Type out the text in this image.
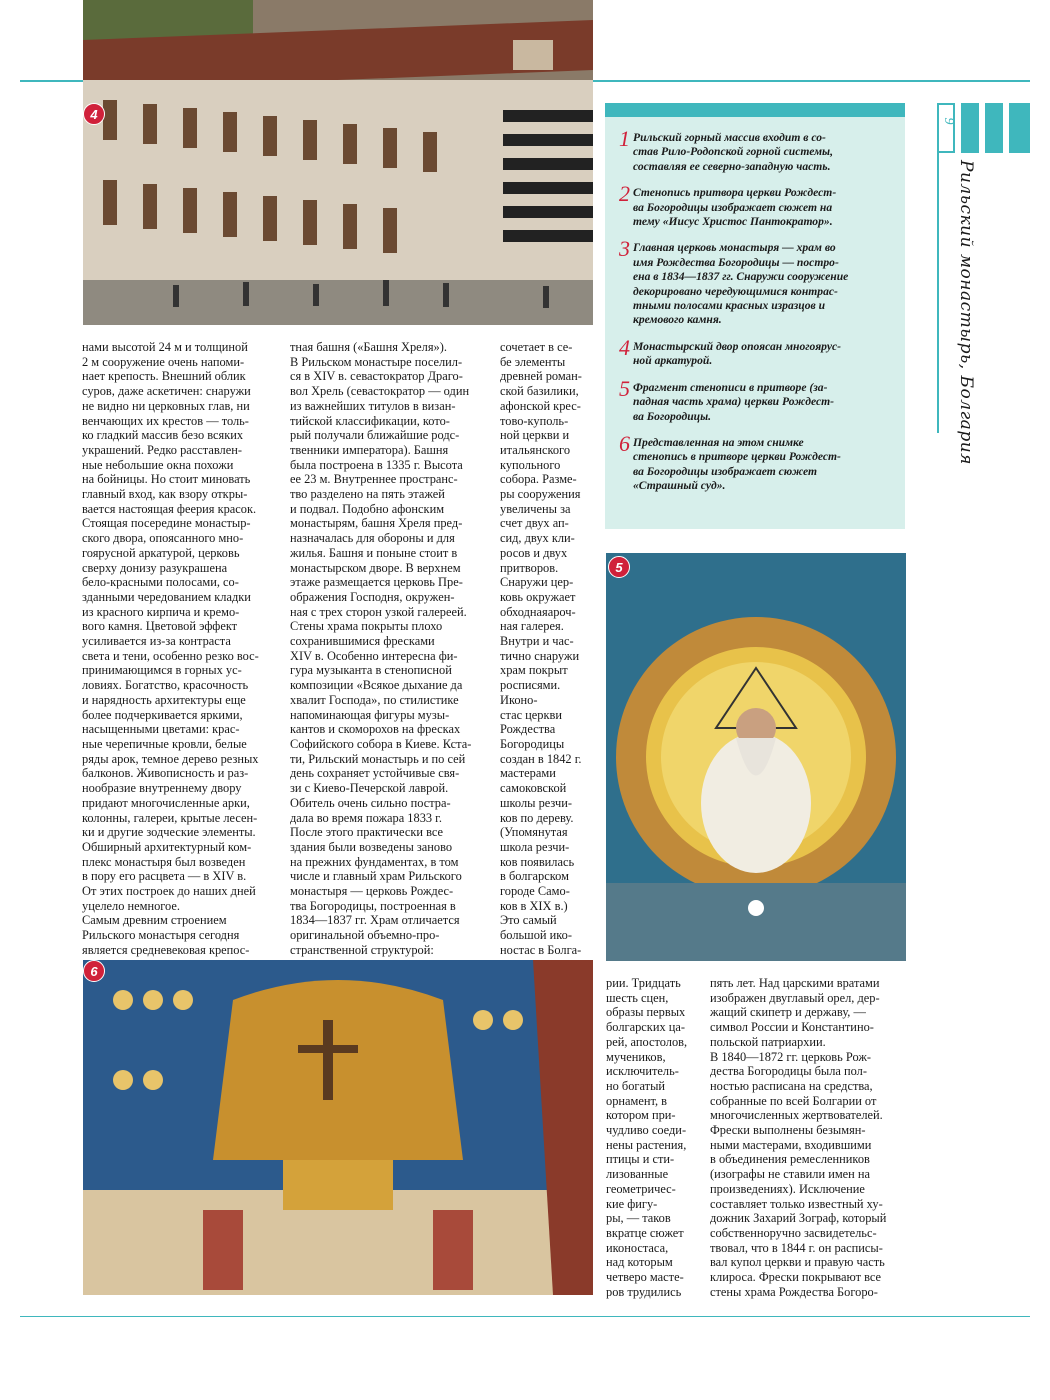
4
5
6

нами высотой 24 м и толщиной
2 м сооружение очень напоми-
нает крепость. Внешний облик
суров, даже аскетичен: снаружи
не видно ни церковных глав, ни
венчающих их крестов — толь-
ко гладкий массив безо всяких
украшений. Редко расставлен-
ные небольшие окна похожи
на бойницы. Но стоит миновать
главный вход, как взору откры-
вается настоящая феерия красок.
Стоящая посередине монастыр-
ского двора, опоясанного мно-
гоярусной аркатурой, церковь
сверху донизу разукрашена
бело-красными полосами, со-
зданными чередованием кладки
из красного кирпича и кремо-
вого камня. Цветовой эффект
усиливается из-за контраста
света и тени, особенно резко вос-
принимающимся в горных ус-
ловиях. Богатство, красочность
и нарядность архитектуры еще
более подчеркивается яркими,
насыщенными цветами: крас-
ные черепичные кровли, белые
ряды арок, темное дерево резных
балконов. Живописность и раз-
нообразие внутреннему двору
придают многочисленные арки,
колонны, галереи, крытые лесен-
ки и другие зодческие элементы.
Обширный архитектурный ком-
плекс монастыря был возведен
в пору его расцвета — в XIV в.
От этих построек до наших дней
уцелело немногое.
Самым древним строением
Рильского монастыря сегодня
является средневековая крепос-

тная башня («Башня Хреля»).
В Рильском монастыре поселил-
ся в XIV в. севастократор Драго-
вол Хрель (севастократор — один
из важнейших титулов в визан-
тийской классификации, кото-
рый получали ближайшие родс-
твенники императора). Башня
была построена в 1335 г. Высота
ее 23 м. Внутреннее пространс-
тво разделено на пять этажей
и подвал. Подобно афонским
монастырям, башня Хреля пред-
назначалась для обороны и для
жилья. Башня и поныне стоит в
монастырском дворе. В верхнем
этаже размещается церковь Пре-
ображения Господня, окружен-
ная с трех сторон узкой галереей.
Стены храма покрыты плохо
сохранившимися фресками
XIV в. Особенно интересна фи-
гура музыканта в стенописной
композиции «Всякое дыхание да
хвалит Господа», по стилистике
напоминающая фигуры музы-
кантов и скоморохов на фресках
Софийского собора в Киеве. Кста-
ти, Рильский монастырь и по сей
день сохраняет устойчивые свя-
зи с Киево-Печерской лаврой.
Обитель очень сильно постра-
дала во время пожара 1833 г.
После этого практически все
здания были возведены заново
на прежних фундаментах, в том
числе и главный храм Рильского
монастыря — церковь Рождес-
тва Богородицы, построенная в
1834—1837 гг. Храм отличается
оригинальной объемно-про-
странственной структурой:

сочетает в се-
бе элементы
древней роман-
ской базилики,
афонской крес-
тово-куполь-
ной церкви и
итальянского
купольного
собора. Разме-
ры сооружения
увеличены за
счет двух ап-
сид, двух кли-
росов и двух
притворов.
Снаружи цер-
ковь окружает
обходнаяароч-
ная галерея.
Внутри и час-
тично снаружи
храм покрыт
росписями.
Иконо-
стас церкви
Рождества
Богородицы
создан в 1842 г.
мастерами
самоковской
школы резчи-
ков по дереву.
(Упомянутая
школа резчи-
ков появилась
в болгарском
городе Само-
ков в XIX в.)
Это самый
большой ико-
ностас в Болга-

рии. Тридцать
шесть сцен,
образы первых
болгарских ца-
рей, апостолов,
мучеников,
исключитель-
но богатый
орнамент, в
котором при-
чудливо соеди-
нены растения,
птицы и сти-
лизованные
геометричес-
кие фигу-
ры, — таков
вкратце сюжет
иконостаса,
над которым
четверо масте-
ров трудились

пять лет. Над царскими вратами
изображен двуглавый орел, дер-
жащий скипетр и державу, —
символ России и Константино-
польской патриархии.
В 1840—1872 гг. церковь Рож-
дества Богородицы была пол-
ностью расписана на средства,
собранные по всей Болгарии от
многочисленных жертвователей.
Фрески выполнены безымян-
ными мастерами, входившими
в объединения ремесленников
(изографы не ставили имен на
произведениях). Исключение
составляет только известный ху-
дожник Захарий Зограф, который
собственноручно засвидетельс-
твовал, что в 1844 г. он расписы-
вал купол церкви и правую часть
клироса. Фрески покрывают все
стены храма Рождества Богоро-

1 Рильский горный массив входит в со-
став Рило-Родопской горной системы,
составляя ее северно-западную часть.
2 Стенопись притвора церкви Рождест-
ва Богородицы изображает сюжет на
тему «Иисус Христос Пантократор».
3 Главная церковь монастыря — храм во
имя Рождества Богородицы — постро-
ена в 1834—1837 гг. Снаружи сооружение
декорировано чередующимися контрас-
тными полосами красных изразцов и
кремового камня.
4 Монастырский двор опоясан многоярус-
ной аркатурой.
5 Фрагмент стенописи в притворе (за-
падная часть храма) церкви Рождест-
ва Богородицы.
6 Представленная на этом снимке
стенопись в притворе церкви Рождест-
ва Богородицы изображает сюжет
«Страшный суд».
9
Рильский монастырь, Болгария
